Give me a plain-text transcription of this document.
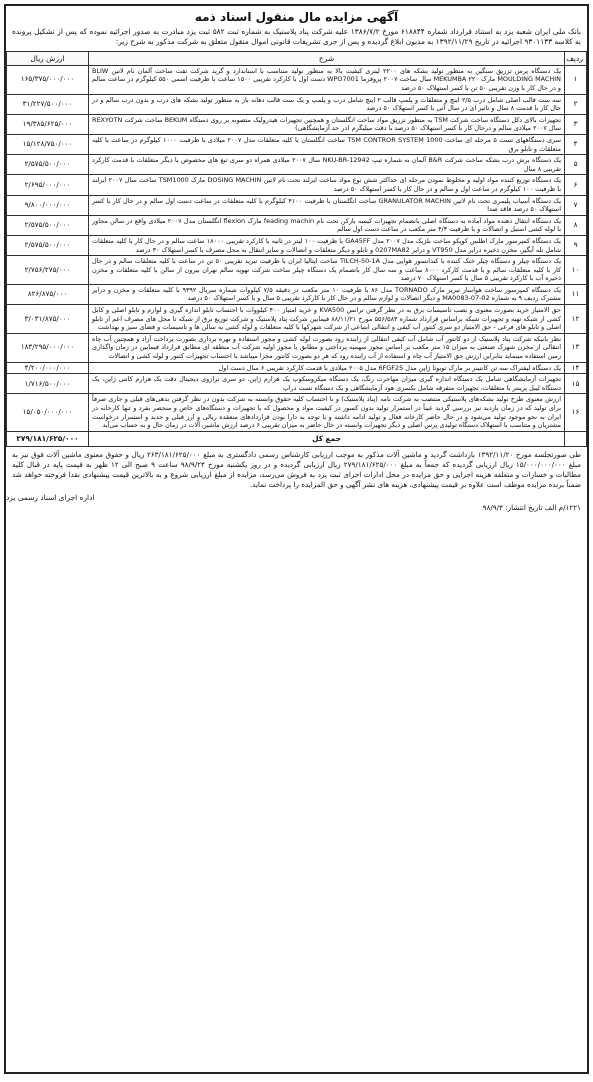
آگهی مزایده مال منقول اسناد ذمه
بانک ملی ایران شعبه یزد به استناد قرارداد شماره ۶۱۸۸۴۴ مورخ ۱۳۸۶/۷/۲ علیه شرکت پناد پلاستیک به شماره ثبت ۵۸۲ ثبت یزد مبادرت به صدور اجرائیه نموده که پس از تشکیل پرونده به کلاسه ۹۳۰۱۱۳۳ اجرائیه در تاریخ ۱۳۹۲/۱۱/۲۹ به مدیون ابلاغ گردیده و پس از جری تشریفات قانونی اموال منقول متعلق به شرکت مذکور به شرح زیر:
ردیف	شرح	ارزش ریال
۱	یک دستگاه پرس تزریق سنگین به منظور تولید بشکه های ۲۲۰۰ لیتری کیفیت بالا به منظور تولید متناسب با استاندارد و گرید شرکت نفت ساخت آلمان نام لاتین BLIW MOULDING MACHIN مارک MEKUMBA ۲۲۰ سال ساخت ۲۰۰۷ پروفرما WPO7001 دست اول با کارکرد تقریبی ۱۵۰۰ ساعت با ظرفیت اسمی ۵۵۰ کیلوگرم در ساعت سالم و در حال کار با وزن تقریبی ۵۰ تن با کسر استهلاک ۵۰ درصد	۱۶۵/۳۷۵/۰۰۰/۰۰۰
۲	سه ست قالب اصلی شامل درب ۲/۵ اینچ و متعلقات و پلمپ قالب ۲ اینچ شامل درب و پلمپ و یک ست قالب دهانه باز به منظور تولید بشکه های درب و بدون درب سالم و در حال کار با قدمت ۸ سال و تاثیر ای در سال آتی با کسر استهلاک ۵۰ درصد	۳۱/۲۲۷/۵۰۰/۰۰۰
۳	تجهیزات بالای دکل دستگاه ساخت شرکت TSM به منظور تزریق مواد ساخت انگلستان و همچنین تجهیزات هیدرولیک متصوبه بر روی دستگاه BEKUM ساخت شرکت REXYOTN سال ۲۰۰۷ میلادی سالم و درحال کار با کسر استهلاک ۵۰ درصد با دقت میلیگرم (در حد آزمایشگاهی)	۱۹/۳۸۵/۶۲۵/۰۰۰
۴	سری دستگاههای تست ۵ مرحله ای ساخت TSM CONTROR SYSTEM 1000 ساخت انگلستان با کلیه متعلقات مدل ۲۰۰۷ میلادی با ظرفیت ۱۰۰۰ کیلوگرم در ساعت با کلیه متعلقات و تابلو برق	۱۵/۱۲۸/۷۵۰/۰۰۰
۵	یک دستگاه برش درب بشکه ساخت شرکت B&R آلمان به شماره تیپ NKU-BR-12942 سال ۲۰۰۷ میلادی همراه دو سری تیغ های مخصوص با دیگر متعلقات با قدمت کارکرد تقریبی ۸ سال	۲/۵۷۵/۵۰۰/۰۰۰
۶	یک دستگاه توزیع کننده مواد اولیه و مخلوط نمودن مرحله ای حداکثر شش نوع مواد ساخت ایرلند تحت نام لاتین DOSING MACHIN مارک TSM1000 ساخت سال ۲۰۰۷ ایرلند با ظرفیت ۱۰۰ کیلوگرم در ساعت اول و سالم و در حال کار با کسر استهلاک ۵۰ درصد	۲/۶۹۵/۰۰۰/۰۰۰
۷	یک دستگاه آسیاب پلیمری تحت نام لاتین GRANULATOR MACHIN ساخت انگلستان با ظرفیت ۴۱۰۰ کیلوگرم با کلیه متعلقات در ساعت دست اول سالم و در حال کار با کسر استهلاک ۵۰ درصد فاقد صدا	۹/۸۰۰/۰۰۰/۰۰۰
۸	یک دستگاه انتقال دهنده مواد آماده به دستگاه اصلی بانضمام تجهیزات کیسه بازکن تحت نام feading machin مارک flexion انگلستان مدل ۲۰۰۷ میلادی واقع در سالن مجاور با لوله کشی استیل و اتصالات و با ظرفیت ۴/۳ متر مکعب در ساعت دست اول سالم	۲/۵۷۵/۵۰۰/۰۰۰
۹	یک دستگاه کمپرسور مارک اطلس کوپکو ساخت بلژیک مدل ۲۰۰۷ مدل GA45FF با ظرفیت ۱۰۰ لیتر در ثانیه با کارکرد تقریبی ۱۸۰۰۰ ساعت سالم و در حال کار با کلیه متعلقات شامل تله آبگیر، مخزن ذخیره درایر مدل VT950 و درایر 0207MA82 و تابلو و دیگر متعلقات و اتصالات و سایز انتقال به محل مصرف با کسر استهلاک ۳۰ درصد	۲/۵۷۵/۵۰۰/۰۰۰
۱۰	یک دستگاه چیلر و دستگاه چیلر خنک کننده با کندانسور هوایی مدل TILCH-50-1A ساخت ایتالیا ایران با ظرفیت تبرید تقریبی ۵۰ تن در ساعت با کلیه متعلقات سالم و در حال کار با کلیه متعلقات سالم و با قدمت کارکرد ۸۰۰۰ ساعت و سه سال کار باتصمام یک دستگاه چیلر ساخت شرکت تهویه سالم تهران بیرون از سالن با کلیه متعلقات و مخزن ذخیره آب با کارکرد تقریبی ۵ سال با کسر استهلاک ۷۰ درصد	۲/۷۵۶/۲۷۵/۰۰۰
۱۱	یک دستگاه کمپرسور ساخت هواساز تبریز مارک TORNADO مدل ۸۶ با ظرفیت ۱۰ متر مکعب در دقیقه ۷/۵ کیلووات شماره سریال ۹۳۹۲ با کلیه متعلقات و مخزن و درایر مشترک ردیف ۹ به شماره 02-07-MA0083 و دیگر اتصالات و لوازم سالم و در حال کار با کارکرد تقریبی ۵ سال و با کسر استهلاک ۵۰ درصد	۸۲۶/۸۷۵/۰۰۰
۱۲	حق الامتیاز خرید بصورت معنوی و نصب تاسیسات برق به در نظر گرفتن ترانس KVA500 و خرید امتیاز ۴۰۰ کیلووات با احتساب تابلو اندازه گیری و لوازم و تابلو اصلی و کابل کشی از شبکه تهیه و تجهیزات شبکه براساس قرارداد شماره ۵۵۶/۵۸۳ مورخ ۸۸/۱۱/۲۱ فیمابین شرکت پناد پلاستیک و شرکت توزیع برق از شبکه تا محل های مصرف اعم از تابلو اصلی و تابلو های فرعی - حق الامتیاز دو سری کنتور آب کیفی و انتقالی ابتیاعی از شرکت شهرکها با کلیه متعلقات و لوله کشی به سالن ها و تاسیسات و فضای سبز و بهداشت	۳/۰۳۱/۸۷۵/۰۰۰
۱۳	نظر بانیکه شرکت پناد پلاستیک از دو کانتور آب شامل آب کیفی انتقالی از زاینده رود بصورت لوله کشی و مجوز استفاده و بهره برداری بصورت پرداخت آزاد و همچنین آب چاه انتقالی از مخزن شهرک صنعتی به میزان ۱۵ متر مکعب بر اساس مجوز سهمیه پرداختی و مطابق با مجوز اولیه شرکت آب منطقه ای مطابق قرارداد فیمابین در زمان واگذاری زمین استفاده مینماید بنابراین ارزش حق الامتیاز آب چاه و استفاده از آب زاینده رود که هر دو بصورت کانتور مجزا میباشد با احتساب تجهیزات کنتور و لوله کشی و اتصالات	۱۸۳/۲۹۵/۰۰۰/۰۰۰
۱۴	یک دستگاه لیفتراک سه تن کانتینر بر مارک تویوتا ژاپن مدل 6FGF25 مدل ۲۰۰۵ میلادی با قدمت کارکرد تقریبی ۶ سال دست اول	۴/۲۰۰/۰۰۰/۰۰۰
۱۵	تجهیزات آزمایشگاهی شامل یک دستگاه اندازه گیری میزان مهاجرت رنگ، یک دستگاه میکروسکوپ یک هزارم ژاپن، دو سری ترازوی دیجیتال دقت یک هزارم کانتی ژاپن، یک دستگاه لیبل پرینتر با متعلقات، تجهیزات متفرقه شامل بکسری هود آزمایشگاهی و یک دستگاه تست دراپ	۱/۷۱۶/۵۰۰/۰۰۰
۱۶	ارزش معنوی طرح تولید بشکه‌های پلاستیکی منتصب به شرکت نامه (پناد پلاستیک) و با احتساب کلیه حقوق وابسته به شرکت بدون در نظر گرفتن بدهی‌های قبلی و جاری صرفاً برای تولید که در زمان بازدید نیز بررسی گردید عیناً در استمرار تولید بدون کسور در کیفیت مواد و محصول که با تجهیزات و دستگاه‌های خاص و منحصر بفرد و تنها کارخانه در ایران به نحو موجود تولید می‌شود و در حال حاضر کارخانه فعال و تولید ادامه داشته و با توجه به دارا بودن قراردادهای منعقده ریالی و ارز قبلی و جدید و استمرار درخواست مشتریان و متناسب با استهلاک دستگاه تولیدی پرس اصلی و دیگر تجهیزات وابسته در حال حاضر به میزان تقریبی ۶ درصد ارزش ماشین آلات در زمان حال و به حساب می‌آید	۱۵/۰۵۰/۰۰۰/۰۰۰
	جمع کل	۲۷۹/۱۸۱/۶۲۵/۰۰۰
طی صورتجلسه مورخ ۱۳۹۲/۱۱/۲۰ بازداشت گردید و ماشین آلات مذکور به موجب ارزیابی کارشناس رسمی دادگستری به مبلغ ۲۶۳/۱۸۱/۶۲۵/۰۰۰ ریال و حقوق معنوی ماشین آلات فوق نیز به مبلغ ۱۵/۰۰۰/۰۰۰/۰۰۰ ریال ارزیابی گردیده که جمعاً به مبلغ ۲۷۹/۱۸۱/۶۲۵/۰۰۰ ریال ارزیابی گردیده و در روز یکشنبه مورخ ۹۸/۹/۲۴ ساعت ۹ صبح الی ۱۲ ظهر به قیمت پایه در قبال کلیه مطالبات و خسارات و متعلقه هزینه اجرایی و حق مزایده در محل ادارات اجرای ثبت یزد به فروش می‌رسد، مزایده از مبلغ ارزیابی شروع و به بالاترین قیمت پیشنهادی نقدا فروخته خواهد شد ضمناً برنده مزایده موظف است علاوه بر قیمت پیشنهادی، هزینه های نشر آگهی و حق المزایده را پرداخت نماید.
اداره اجرای اسناد رسمی یزد
۱۲۲۱/م الف تاریخ انتشار: ۹۸/۹/۴
